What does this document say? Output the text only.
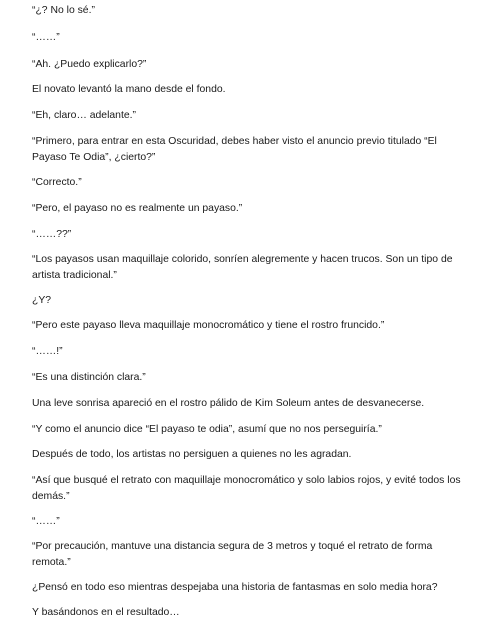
“¿? No lo sé.”

“……”

“Ah. ¿Puedo explicarlo?”

El novato levantó la mano desde el fondo.

“Eh, claro… adelante.”

“Primero, para entrar en esta Oscuridad, debes haber visto el anuncio previo titulado “El Payaso Te Odia”, ¿cierto?”

“Correcto.”

“Pero, el payaso no es realmente un payaso.”

“……??”

“Los payasos usan maquillaje colorido, sonríen alegremente y hacen trucos. Son un tipo de artista tradicional.”

¿Y?

“Pero este payaso lleva maquillaje monocromático y tiene el rostro fruncido.”

“……!”

“Es una distinción clara.”

Una leve sonrisa apareció en el rostro pálido de Kim Soleum antes de desvanecerse.

“Y como el anuncio dice “El payaso te odia”, asumí que no nos perseguiría.”

Después de todo, los artistas no persiguen a quienes no les agradan.

“Así que busqué el retrato con maquillaje monocromático y solo labios rojos, y evité todos los demás.”

“……”

“Por precaución, mantuve una distancia segura de 3 metros y toqué el retrato de forma remota.”

¿Pensó en todo eso mientras despejaba una historia de fantasmas en solo media hora?

Y basándonos en el resultado…
